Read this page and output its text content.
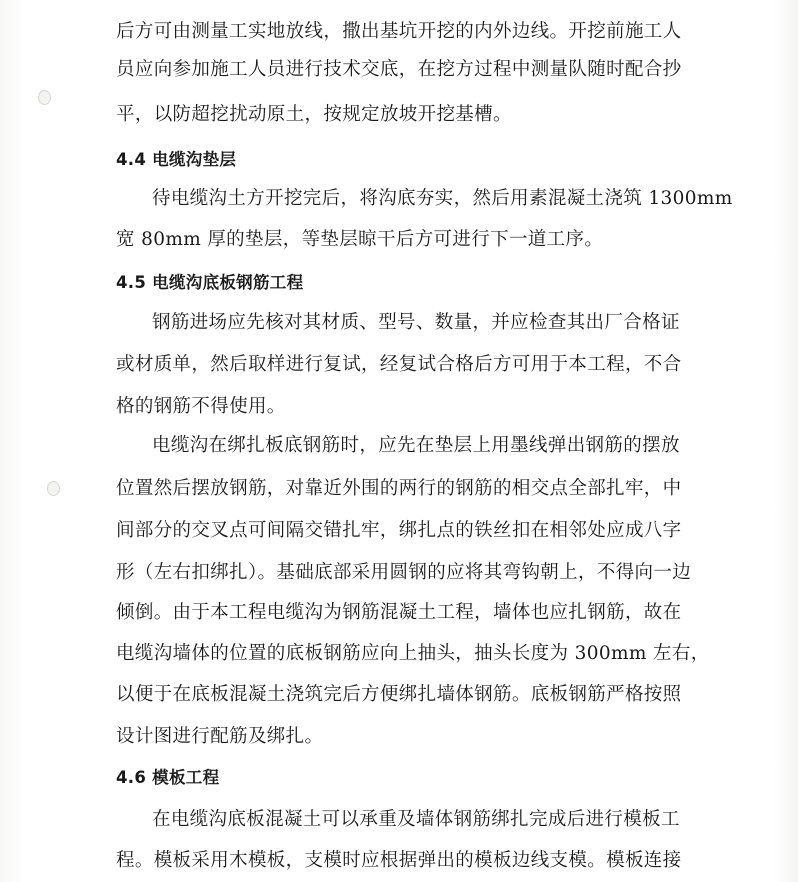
后方可由测量工实地放线，撒出基坑开挖的内外边线。开挖前施工人
员应向参加施工人员进行技术交底，在挖方过程中测量队随时配合抄
平，以防超挖扰动原土，按规定放坡开挖基槽。
4.4 电缆沟垫层
待电缆沟土方开挖完后，将沟底夯实，然后用素混凝土浇筑 1300mm
宽 80mm 厚的垫层，等垫层晾干后方可进行下一道工序。
4.5 电缆沟底板钢筋工程
钢筋进场应先核对其材质、型号、数量，并应检查其出厂合格证
或材质单，然后取样进行复试，经复试合格后方可用于本工程，不合
格的钢筋不得使用。
电缆沟在绑扎板底钢筋时，应先在垫层上用墨线弹出钢筋的摆放
位置然后摆放钢筋，对靠近外围的两行的钢筋的相交点全部扎牢，中
间部分的交叉点可间隔交错扎牢，绑扎点的铁丝扣在相邻处应成八字
形（左右扣绑扎）。基础底部采用圆钢的应将其弯钩朝上，不得向一边
倾倒。由于本工程电缆沟为钢筋混凝土工程，墙体也应扎钢筋，故在
电缆沟墙体的位置的底板钢筋应向上抽头，抽头长度为 300mm 左右，
以便于在底板混凝土浇筑完后方便绑扎墙体钢筋。底板钢筋严格按照
设计图进行配筋及绑扎。
4.6 模板工程
在电缆沟底板混凝土可以承重及墙体钢筋绑扎完成后进行模板工
程。模板采用木模板，支模时应根据弹出的模板边线支模。模板连接
